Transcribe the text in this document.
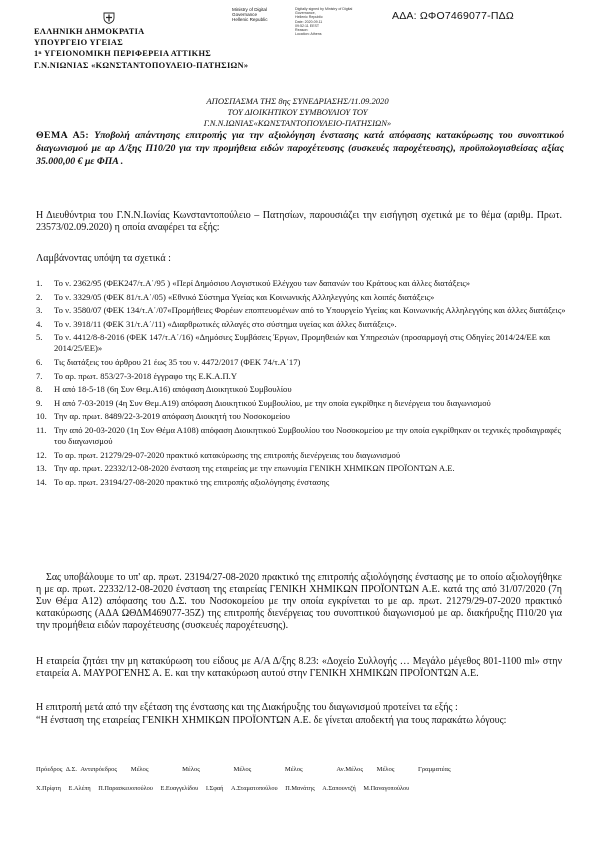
ΑΔΑ: ΩΦΟ7469077-ΠΔΩ
Ministry of Digital
Governance
Hellenic Republic
Digitally signed by Ministry of Digital
Governance,
Hellenic Republic
Date: 2020.09.11
09:52:11 EEST
Reason:
Location: Athens
ΕΛΛΗΝΙΚΗ ΔΗΜΟΚΡΑΤΙΑ
ΥΠΟΥΡΓΕΙΟ ΥΓΕΙΑΣ
1ⁿ ΥΓΕΙΟΝΟΜΙΚΗ ΠΕΡΙΦΕΡΕΙΑ ΑΤΤΙΚΗΣ
Γ.Ν.ΝΙΩΝΙΑΣ «ΚΩΝΣΤΑΝΤΟΠΟΥΛΕΙΟ-ΠΑΤΗΣΙΩΝ»
ΑΠΟΣΠΑΣΜΑ ΤΗΣ 8ης ΣΥΝΕΔΡΙΑΣΗΣ/11.09.2020
ΤΟΥ ΔΙΟΙΚΗΤΙΚΟΥ ΣΥΜΒΟΥΛΙΟΥ ΤΟΥ
Γ.Ν.Ν.ΙΩΝΙΑΣ«ΚΩΝΣΤΑΝΤΟΠΟΥΛΕΙΟ-ΠΑΤΗΣΙΩΝ»
ΘΕΜΑ Α5: Υποβολή απάντησης επιτροπής για την αξιολόγηση ένστασης κατά απόφασης κατακύρωσης του συνοπτικού διαγωνισμού με αρ Δ/ξης Π10/20 για την προμήθεια ειδών παροχέτευσης (συσκευές παροχέτευσης), προϋπολογισθείσας αξίας 35.000,00 € με ΦΠΑ .
Η Διευθύντρια του Γ.Ν.Ν.Ιωνίας Κωνσταντοπούλειο – Πατησίων, παρουσιάζει την εισήγηση σχετικά με το θέμα (αριθμ. Πρωτ. 23573/02.09.2020) η οποία αναφέρει τα εξής:
Λαμβάνοντας υπόψη τα σχετικά :
1.	Το ν. 2362/95 (ΦΕΚ247/τ.Α΄/95 ) «Περί Δημόσιου Λογιστικού Ελέγχου των δαπανών του Κράτους και άλλες διατάξεις»
2.	Το ν. 3329/05 (ΦΕΚ 81/τ.Α΄/05) «Εθνικό Σύστημα Υγείας και Κοινωνικής Αλληλεγγύης και λοιπές διατάξεις»
3.	Το ν. 3580/07 (ΦΕΚ 134/τ.Α΄/07«Προμήθειες Φορέων εποπτευομένων από το Υπουργείο Υγείας και Κοινωνικής Αλληλεγγύης και άλλες διατάξεις»
4.	Το ν. 3918/11 (ΦΕΚ 31/τ.Α΄/11) «Διαρθρωτικές αλλαγές στο σύστημα υγείας και άλλες διατάξεις».
5.	Το ν. 4412/8-8-2016 (ΦΕΚ 147/τ.Α΄/16) «Δημόσιες Συμβάσεις Έργων, Προμηθειών και Υπηρεσιών (προσαρμογή στις Οδηγίες 2014/24/ΕΕ και 2014/25/ΕΕ)»
6.	Τις διατάξεις του άρθρου 21 έως 35 του ν. 4472/2017 (ΦΕΚ 74/τ.Α΄17)
7.	Το αρ. πρωτ. 853/27-3-2018 έγγραφο της Ε.Κ.Α.Π.Υ
8.	Η από 18-5-18 (6η Συν Θεμ.Α16) απόφαση Διοικητικού Συμβουλίου
9.	Η από 7-03-2019 (4η Συν Θεμ.Α19) απόφαση Διοικητικού Συμβουλίου, με την οποία εγκρίθηκε η διενέργεια του διαγωνισμού
10. Την αρ. πρωτ. 8489/22-3-2019 απόφαση Διοικητή του Νοσοκομείου
11. Την από 20-03-2020 (1η Συν Θέμα Α108) απόφαση Διοικητικού Συμβουλίου του Νοσοκομείου με την οποία εγκρίθηκαν οι τεχνικές προδιαγραφές του διαγωνισμού
12. Το αρ. πρωτ. 21279/29-07-2020 πρακτικό κατακύρωσης της επιτροπής διενέργειας του διαγωνισμού
13. Την αρ. πρωτ. 22332/12-08-2020 ένσταση της εταιρείας με την επωνυμία ΓΕΝΙΚΗ ΧΗΜΙΚΩΝ ΠΡΟΪΟΝΤΩΝ Α.Ε.
14. Το αρ. πρωτ. 23194/27-08-2020 πρακτικό της επιτροπής αξιολόγησης ένστασης
Σας υποβάλουμε το υπ' αρ. πρωτ. 23194/27-08-2020 πρακτικό της επιτροπής αξιολόγησης ένστασης με το οποίο αξιολογήθηκε η με αρ. πρωτ. 22332/12-08-2020 ένσταση της εταιρείας ΓΕΝΙΚΗ ΧΗΜΙΚΩΝ ΠΡΟΪΟΝΤΩΝ Α.Ε. κατά της από 31/07/2020 (7η Συν Θέμα Α12) απόφασης του Δ.Σ. του Νοσοκομείου με την οποία εγκρίνεται το με αρ. πρωτ. 21279/29-07-2020 πρακτικό κατακύρωσης (ΑΔΑ ΩΘΔΜ469077-35Ζ) της επιτροπής διενέργειας του συνοπτικού διαγωνισμού με αρ. διακήρυξης Π10/20 για την προμήθεια ειδών παροχέτευσης (συσκευές παροχέτευσης).
Η εταιρεία ζητάει την μη κατακύρωση του είδους με Α/Α Δ/ξης 8.23: «Δοχείο Συλλογής … Μεγάλο μέγεθος 801-1100 ml» στην εταιρεία Α. ΜΑΥΡΟΓΕΝΗΣ Α. Ε. και την κατακύρωση αυτού στην ΓΕΝΙΚΗ ΧΗΜΙΚΩΝ ΠΡΟΪΟΝΤΩΝ Α.Ε.
Η επιτροπή μετά από την εξέταση της ένστασης και της Διακήρυξης του διαγωνισμού προτείνει τα εξής :
“Η ένσταση της εταιρείας ΓΕΝΙΚΗ ΧΗΜΙΚΩΝ ΠΡΟΪΟΝΤΩΝ Α.Ε. δε γίνεται αποδεκτή για τους παρακάτω λόγους:
Πρόεδρος Δ.Σ. Αντιπρόεδρος Μέλος	Μέλος	Μέλος	Μέλος	Αν.Μέλος Μέλος	Γραμματέας
Χ.Πρίφτη Ε.Αλέπη Π.Παρασκευοπούλου Ε.Ευαγγελίδου Ι.Σφαή Α.Σταματοπούλου Π.Μανάτης Α.Σαπουντζή Μ.Παναγοπούλου
